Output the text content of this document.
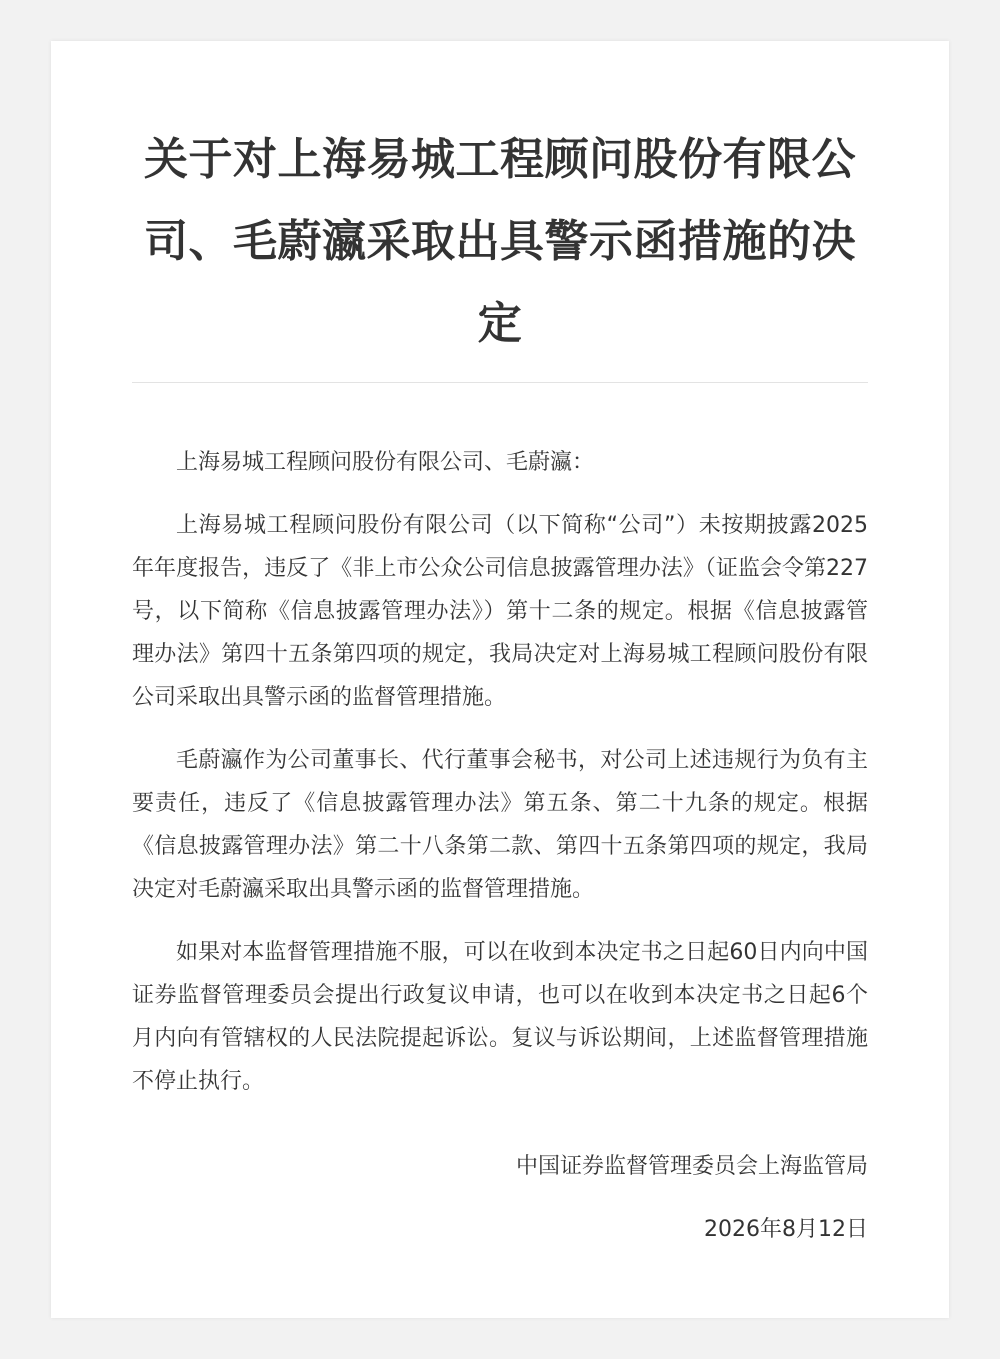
关于对上海易城工程顾问股份有限公司、毛蔚瀛采取出具警示函措施的决定

上海易城工程顾问股份有限公司、毛蔚瀛：

上海易城工程顾问股份有限公司（以下简称“公司”）未按期披露2025年年度报告，违反了《非上市公众公司信息披露管理办法》（证监会令第227号，以下简称《信息披露管理办法》）第十二条的规定。根据《信息披露管理办法》第四十五条第四项的规定，我局决定对上海易城工程顾问股份有限公司采取出具警示函的监督管理措施。

毛蔚瀛作为公司董事长、代行董事会秘书，对公司上述违规行为负有主要责任，违反了《信息披露管理办法》第五条、第二十九条的规定。根据《信息披露管理办法》第二十八条第二款、第四十五条第四项的规定，我局决定对毛蔚瀛采取出具警示函的监督管理措施。

如果对本监督管理措施不服，可以在收到本决定书之日起60日内向中国证券监督管理委员会提出行政复议申请，也可以在收到本决定书之日起6个月内向有管辖权的人民法院提起诉讼。复议与诉讼期间，上述监督管理措施不停止执行。

中国证券监督管理委员会上海监管局
2026年8月12日
